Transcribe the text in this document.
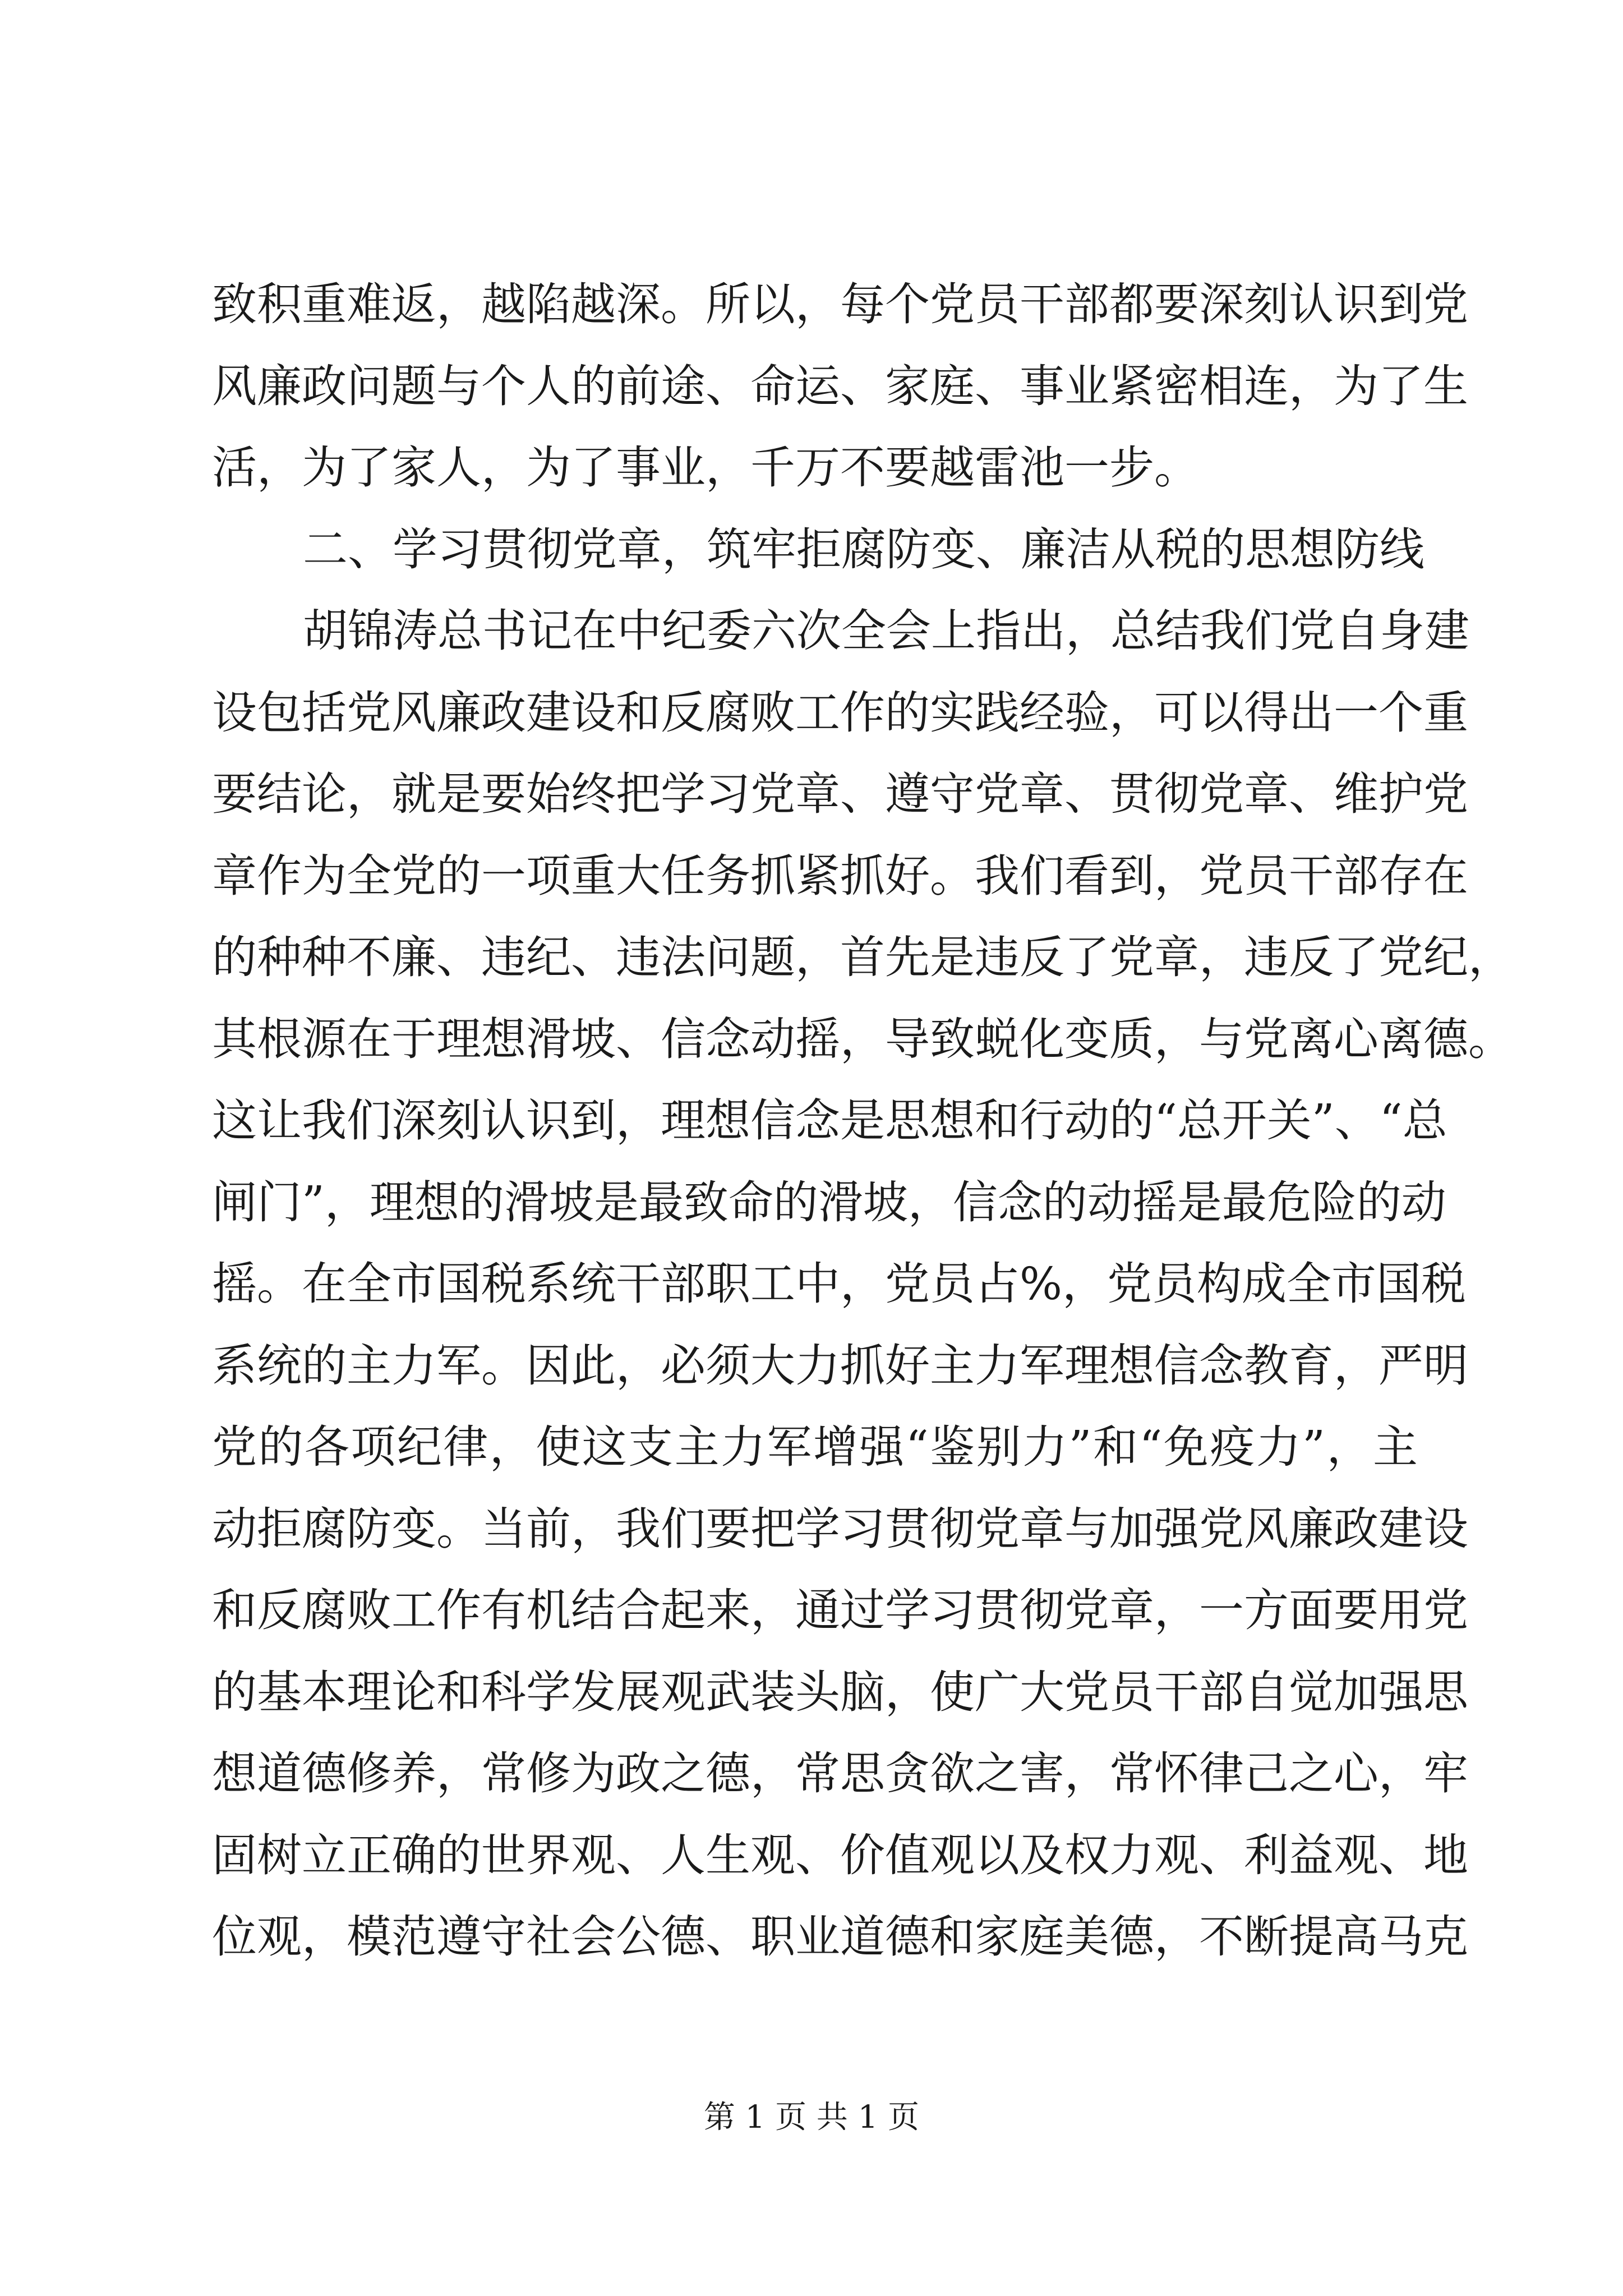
致积重难返，越陷越深。所以，每个党员干部都要深刻认识到党
风廉政问题与个人的前途、命运、家庭、事业紧密相连，为了生
活，为了家人，为了事业，千万不要越雷池一步。
二、学习贯彻党章，筑牢拒腐防变、廉洁从税的思想防线
胡锦涛总书记在中纪委六次全会上指出，总结我们党自身建
设包括党风廉政建设和反腐败工作的实践经验，可以得出一个重
要结论，就是要始终把学习党章、遵守党章、贯彻党章、维护党
章作为全党的一项重大任务抓紧抓好。我们看到，党员干部存在
的种种不廉、违纪、违法问题，首先是违反了党章，违反了党纪，
其根源在于理想滑坡、信念动摇，导致蜕化变质，与党离心离德。
这让我们深刻认识到，理想信念是思想和行动的“总开关”、“总
闸门”，理想的滑坡是最致命的滑坡，信念的动摇是最危险的动
摇。在全市国税系统干部职工中，党员占%，党员构成全市国税
系统的主力军。因此，必须大力抓好主力军理想信念教育，严明
党的各项纪律，使这支主力军增强“鉴别力”和“免疫力”，主
动拒腐防变。当前，我们要把学习贯彻党章与加强党风廉政建设
和反腐败工作有机结合起来，通过学习贯彻党章，一方面要用党
的基本理论和科学发展观武装头脑，使广大党员干部自觉加强思
想道德修养，常修为政之德，常思贪欲之害，常怀律己之心，牢
固树立正确的世界观、人生观、价值观以及权力观、利益观、地
位观，模范遵守社会公德、职业道德和家庭美德，不断提高马克
第 1 页 共 1 页
